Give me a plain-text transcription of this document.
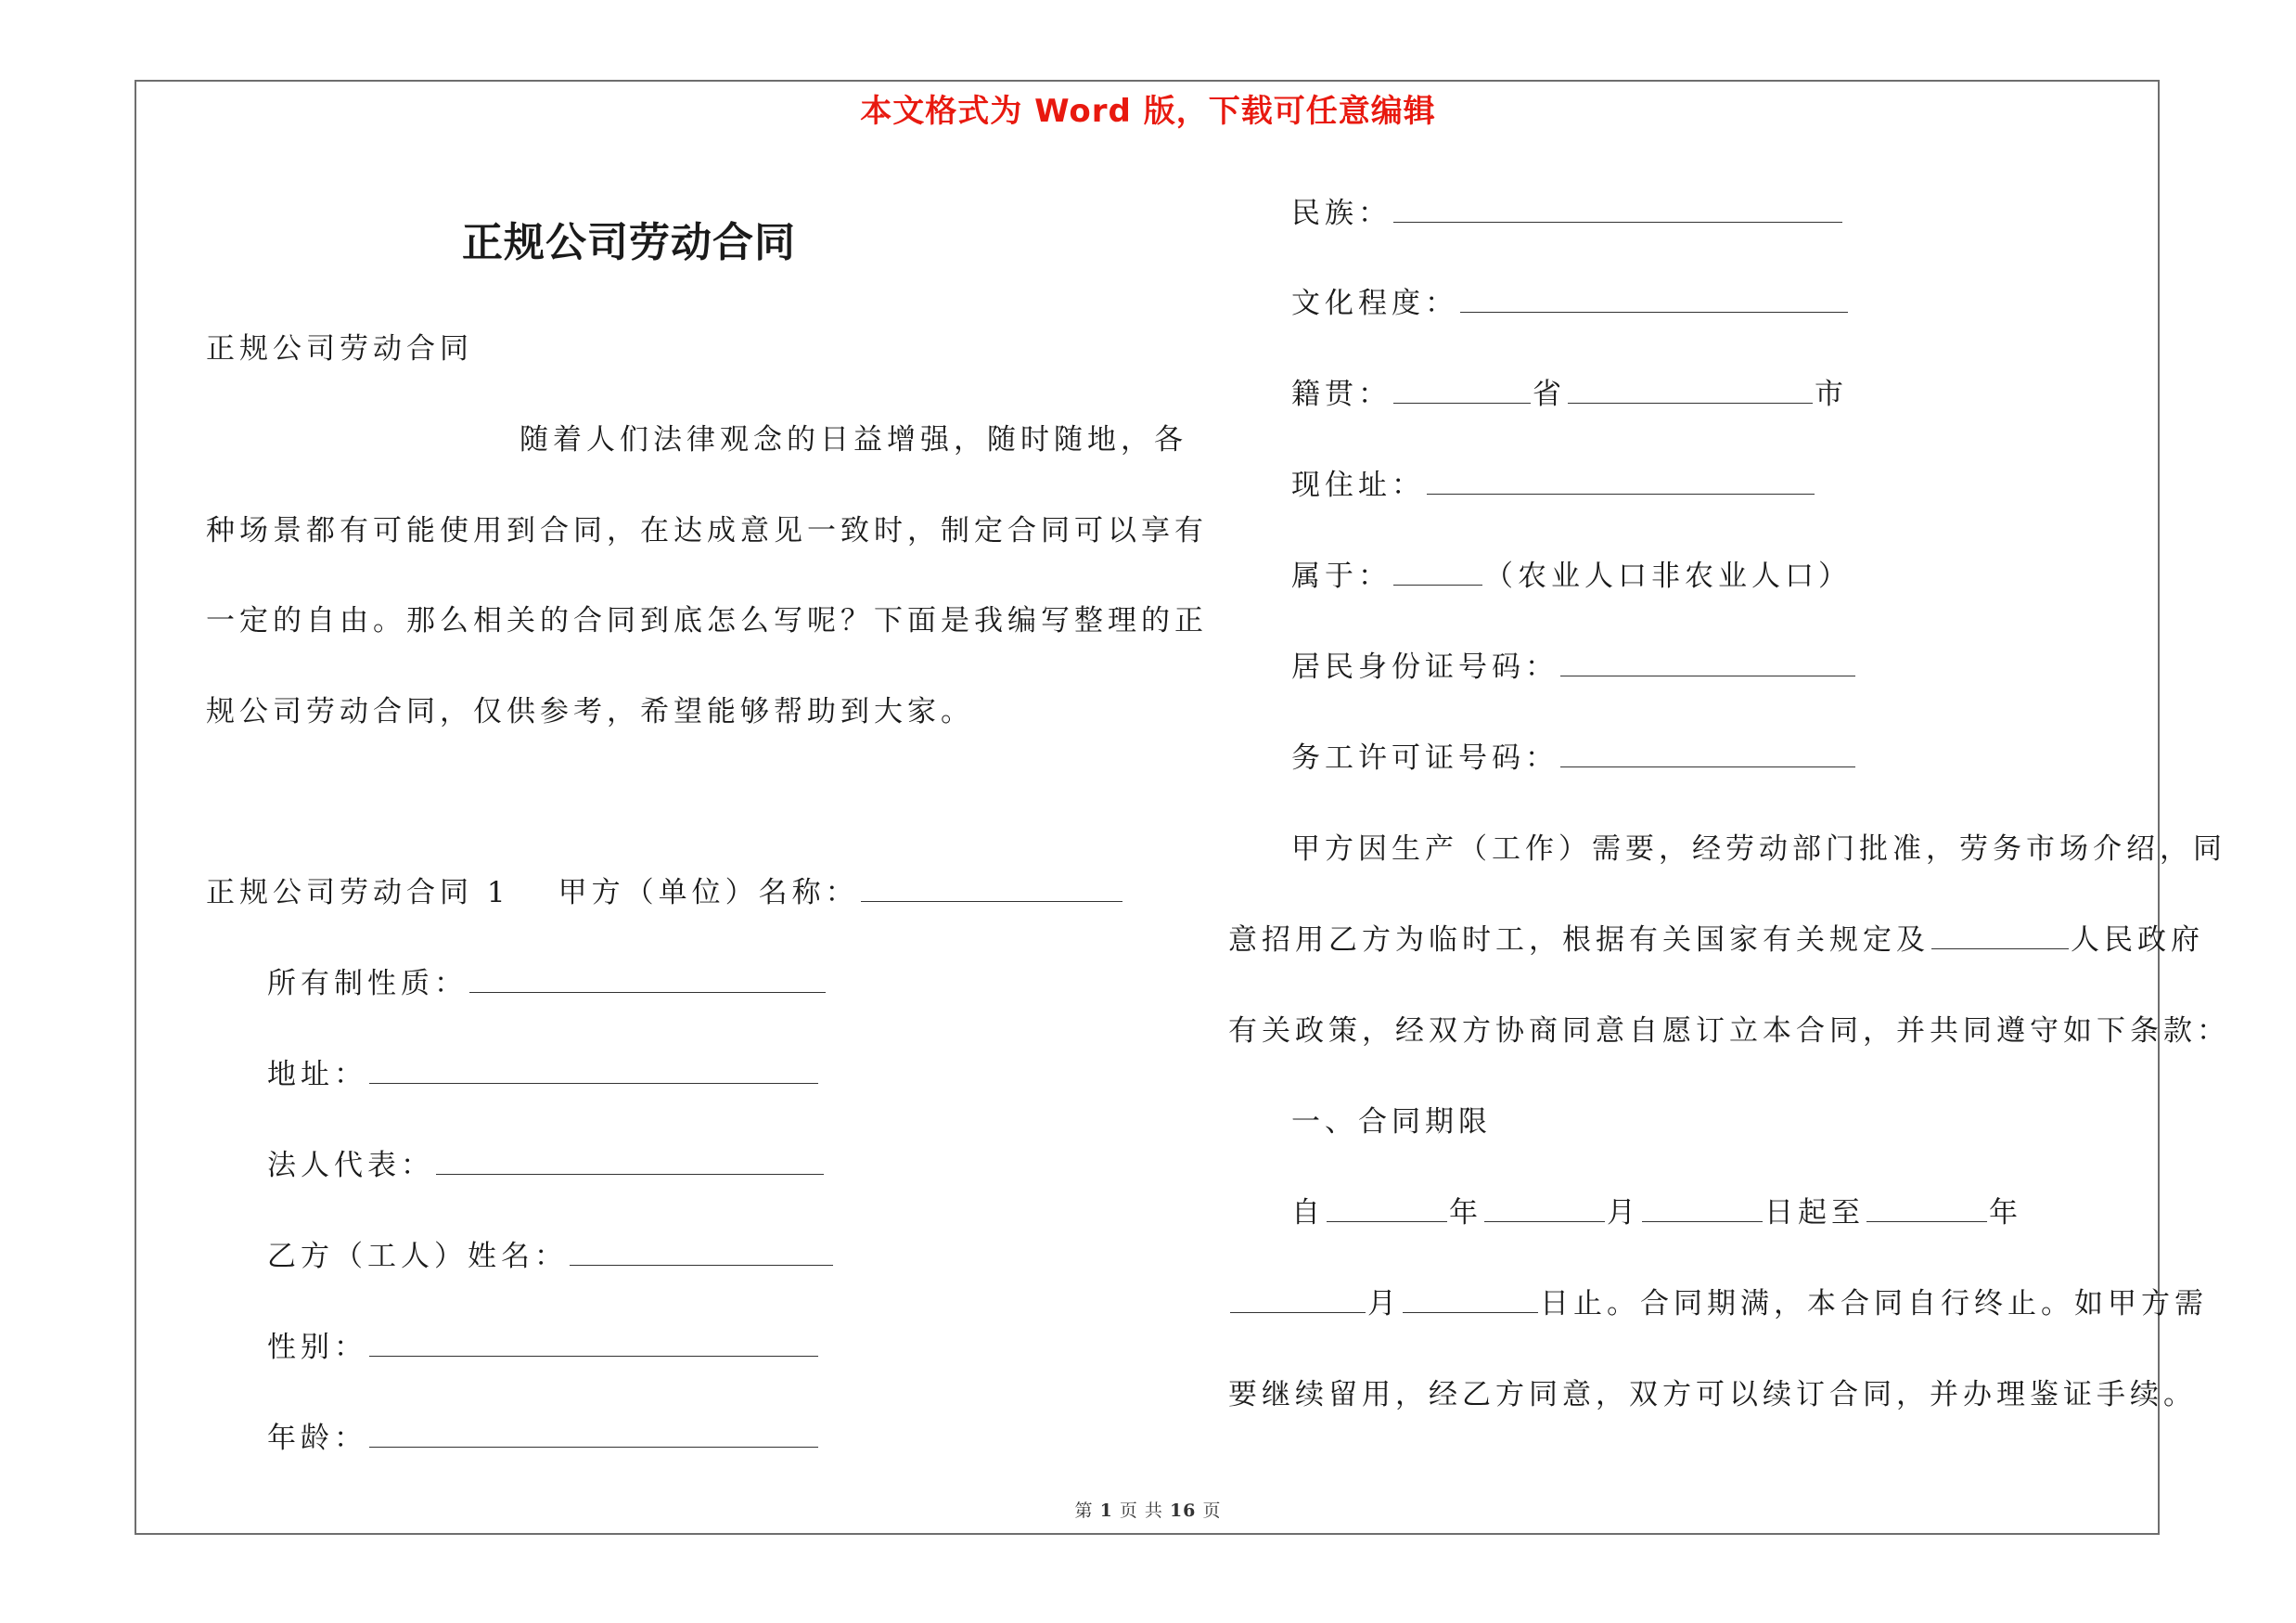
本文格式为 Word 版，下载可任意编辑
正规公司劳动合同
正规公司劳动合同
随着人们法律观念的日益增强，随时随地，各
种场景都有可能使用到合同，在达成意见一致时，制定合同可以享有
一定的自由。那么相关的合同到底怎么写呢？下面是我编写整理的正
规公司劳动合同，仅供参考，希望能够帮助到大家。
正规公司劳动合同 1 甲方（单位）名称：
所有制性质：
地址：
法人代表：
乙方（工人）姓名：
性别：
年龄：
民族：
文化程度：
籍贯：	省	市
现住址：
属于：	（农业人口非农业人口）
居民身份证号码：
务工许可证号码：
甲方因生产（工作）需要，经劳动部门批准，劳务市场介绍，同
意招用乙方为临时工，根据有关国家有关规定及	人民政府
有关政策，经双方协商同意自愿订立本合同，并共同遵守如下条款：
一、合同期限
自	年	月	日起至	年
月	日止。合同期满，本合同自行终止。如甲方需
要继续留用，经乙方同意，双方可以续订合同，并办理鉴证手续。
第 1 页 共 16 页
